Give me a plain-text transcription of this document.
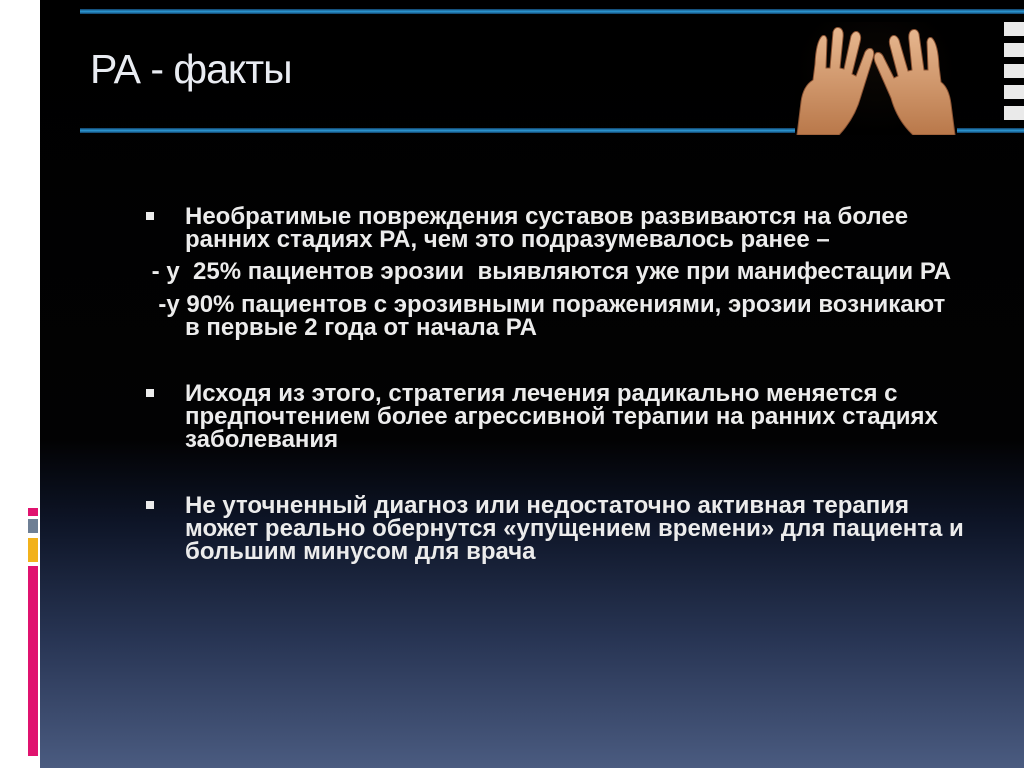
РА - факты
Необратимые повреждения суставов развиваются на более ранних стадиях РА, чем это подразумевалось ранее –
- у  25% пациентов эрозии  выявляются уже при манифестации РА
-у 90% пациентов с эрозивными поражениями, эрозии возникают в первые 2 года от начала РА
Исходя из этого, стратегия лечения радикально меняется с предпочтением более агрессивной терапии на ранних стадиях заболевания
Не уточненный диагноз или недостаточно активная терапия может реально обернутся «упущением времени» для пациента и большим минусом для врача
